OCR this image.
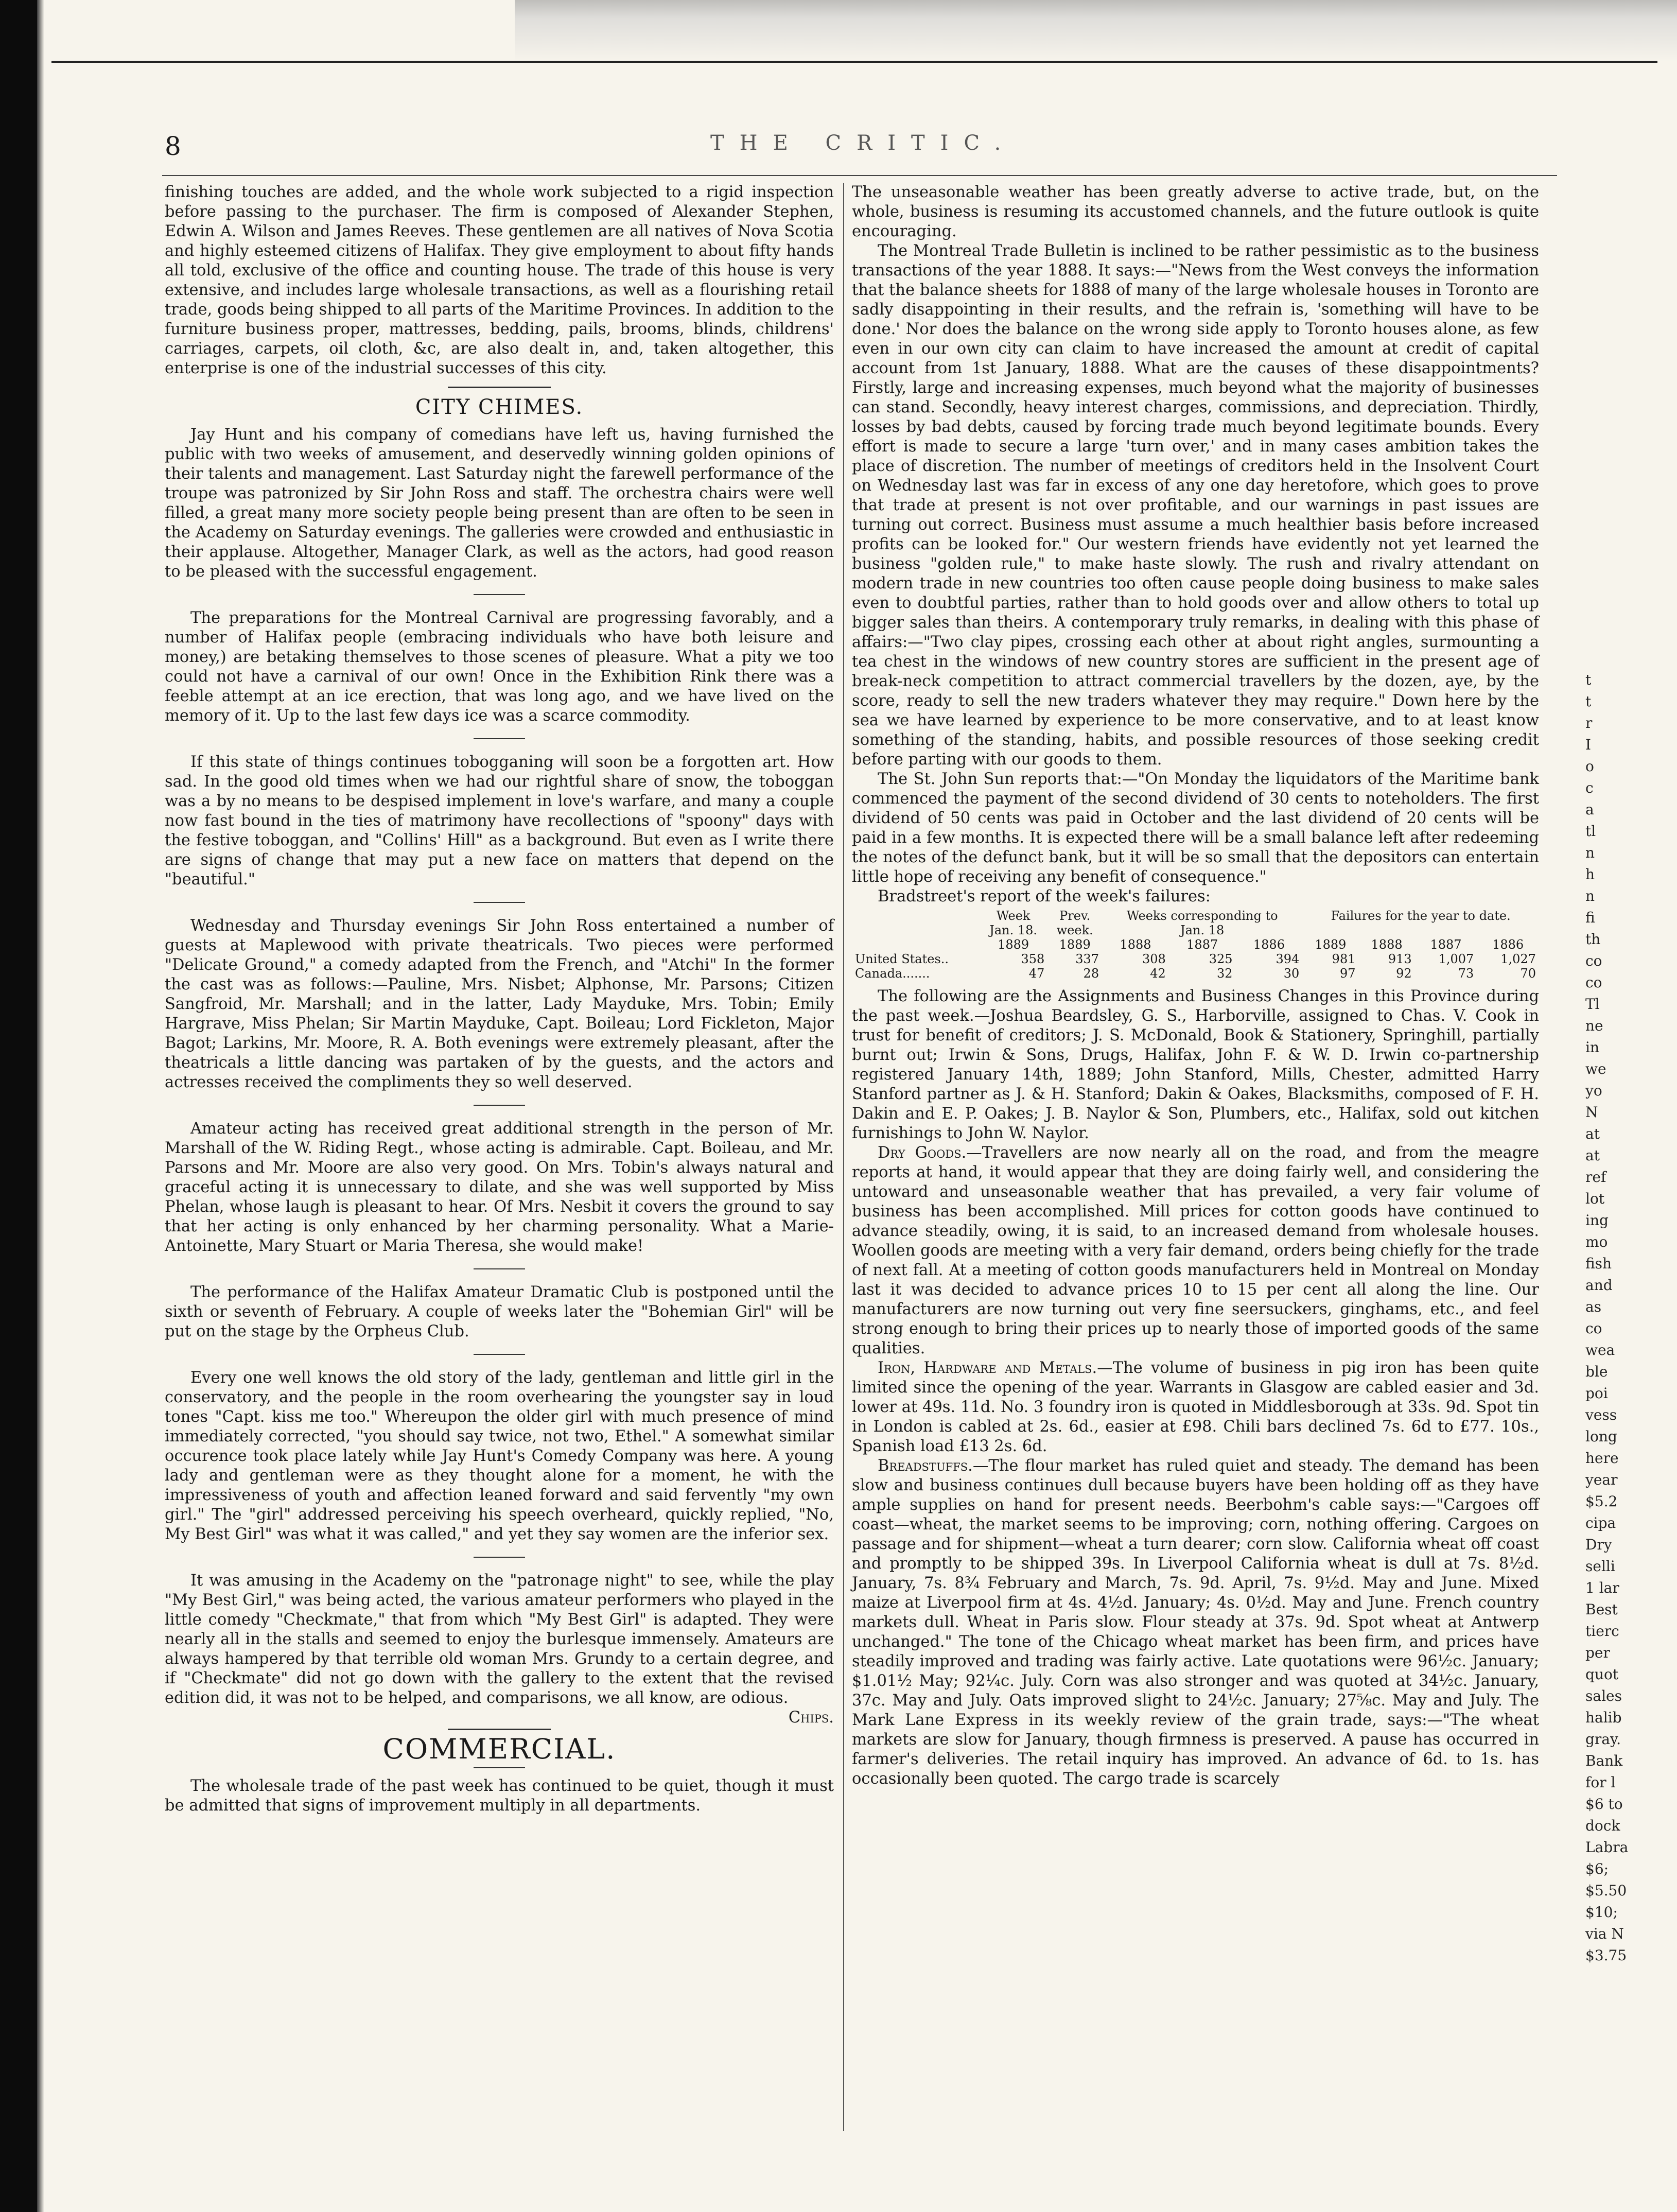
8	THE CRITIC.

finishing touches are added, and the whole work subjected to a rigid inspection before passing to the purchaser. The firm is composed of Alexander Stephen, Edwin A. Wilson and James Reeves. These gentlemen are all natives of Nova Scotia and highly esteemed citizens of Halifax. They give employment to about fifty hands all told, exclusive of the office and counting house. The trade of this house is very extensive, and includes large wholesale transactions, as well as a flourishing retail trade, goods being shipped to all parts of the Maritime Provinces. In addition to the furniture business proper, mattresses, bedding, pails, brooms, blinds, childrens' carriages, carpets, oil cloth, &c, are also dealt in, and, taken altogether, this enterprise is one of the industrial successes of this city.

CITY CHIMES.

Jay Hunt and his company of comedians have left us, having furnished the public with two weeks of amusement, and deservedly winning golden opinions of their talents and management. Last Saturday night the farewell performance of the troupe was patronized by Sir John Ross and staff. The orchestra chairs were well filled, a great many more society people being present than are often to be seen in the Academy on Saturday evenings. The galleries were crowded and enthusiastic in their applause. Altogether, Manager Clark, as well as the actors, had good reason to be pleased with the successful engagement.

The preparations for the Montreal Carnival are progressing favorably, and a number of Halifax people (embracing individuals who have both leisure and money,) are betaking themselves to those scenes of pleasure. What a pity we too could not have a carnival of our own! Once in the Exhibition Rink there was a feeble attempt at an ice erection, that was long ago, and we have lived on the memory of it. Up to the last few days ice was a scarce commodity.

If this state of things continues tobogganing will soon be a forgotten art. How sad. In the good old times when we had our rightful share of snow, the toboggan was a by no means to be despised implement in love's warfare, and many a couple now fast bound in the ties of matrimony have recollections of "spoony" days with the festive toboggan, and "Collins' Hill" as a background. But even as I write there are signs of change that may put a new face on matters that depend on the "beautiful."

Wednesday and Thursday evenings Sir John Ross entertained a number of guests at Maplewood with private theatricals. Two pieces were performed "Delicate Ground," a comedy adapted from the French, and "Atchi" In the former the cast was as follows:—Pauline, Mrs. Nisbet; Alphonse, Mr. Parsons; Citizen Sangfroid, Mr. Marshall; and in the latter, Lady Mayduke, Mrs. Tobin; Emily Hargrave, Miss Phelan; Sir Martin Mayduke, Capt. Boileau; Lord Fickleton, Major Bagot; Larkins, Mr. Moore, R. A. Both evenings were extremely pleasant, after the theatricals a little dancing was partaken of by the guests, and the actors and actresses received the compliments they so well deserved.

Amateur acting has received great additional strength in the person of Mr. Marshall of the W. Riding Regt., whose acting is admirable. Capt. Boileau, and Mr. Parsons and Mr. Moore are also very good. On Mrs. Tobin's always natural and graceful acting it is unnecessary to dilate, and she was well supported by Miss Phelan, whose laugh is pleasant to hear. Of Mrs. Nesbit it covers the ground to say that her acting is only enhanced by her charming personality. What a Marie-Antoinette, Mary Stuart or Maria Theresa, she would make!

The performance of the Halifax Amateur Dramatic Club is postponed until the sixth or seventh of February. A couple of weeks later the "Bohemian Girl" will be put on the stage by the Orpheus Club.

Every one well knows the old story of the lady, gentleman and little girl in the conservatory, and the people in the room overhearing the youngster say in loud tones "Capt. kiss me too." Whereupon the older girl with much presence of mind immediately corrected, "you should say twice, not two, Ethel." A somewhat similar occurence took place lately while Jay Hunt's Comedy Company was here. A young lady and gentleman were as they thought alone for a moment, he with the impressiveness of youth and affection leaned forward and said fervently "my own girl." The "girl" addressed perceiving his speech overheard, quickly replied, "No, My Best Girl" was what it was called," and yet they say women are the inferior sex.

It was amusing in the Academy on the "patronage night" to see, while the play "My Best Girl," was being acted, the various amateur performers who played in the little comedy "Checkmate," that from which "My Best Girl" is adapted. They were nearly all in the stalls and seemed to enjoy the burlesque immensely. Amateurs are always hampered by that terrible old woman Mrs. Grundy to a certain degree, and if "Checkmate" did not go down with the gallery to the extent that the revised edition did, it was not to be helped, and comparisons, we all know, are odious.
Chips.

COMMERCIAL.

The wholesale trade of the past week has continued to be quiet, though it must be admitted that signs of improvement multiply in all departments.

The unseasonable weather has been greatly adverse to active trade, but, on the whole, business is resuming its accustomed channels, and the future outlook is quite encouraging.

The Montreal Trade Bulletin is inclined to be rather pessimistic as to the business transactions of the year 1888. It says:—"News from the West conveys the information that the balance sheets for 1888 of many of the large wholesale houses in Toronto are sadly disappointing in their results, and the refrain is, 'something will have to be done.' Nor does the balance on the wrong side apply to Toronto houses alone, as few even in our own city can claim to have increased the amount at credit of capital account from 1st January, 1888. What are the causes of these disappointments? Firstly, large and increasing expenses, much beyond what the majority of businesses can stand. Secondly, heavy interest charges, commissions, and depreciation. Thirdly, losses by bad debts, caused by forcing trade much beyond legitimate bounds. Every effort is made to secure a large 'turn over,' and in many cases ambition takes the place of discretion. The number of meetings of creditors held in the Insolvent Court on Wednesday last was far in excess of any one day heretofore, which goes to prove that trade at present is not over profitable, and our warnings in past issues are turning out correct. Business must assume a much healthier basis before increased profits can be looked for." Our western friends have evidently not yet learned the business "golden rule," to make haste slowly. The rush and rivalry attendant on modern trade in new countries too often cause people doing business to make sales even to doubtful parties, rather than to hold goods over and allow others to total up bigger sales than theirs. A contemporary truly remarks, in dealing with this phase of affairs:—"Two clay pipes, crossing each other at about right angles, surmounting a tea chest in the windows of new country stores are sufficient in the present age of break-neck competition to attract commercial travellers by the dozen, aye, by the score, ready to sell the new traders whatever they may require." Down here by the sea we have learned by experience to be more conservative, and to at least know something of the standing, habits, and possible resources of those seeking credit before parting with our goods to them.

The St. John Sun reports that:—"On Monday the liquidators of the Maritime bank commenced the payment of the second dividend of 30 cents to noteholders. The first dividend of 50 cents was paid in October and the last dividend of 20 cents will be paid in a few months. It is expected there will be a small balance left after redeeming the notes of the defunct bank, but it will be so small that the depositors can entertain little hope of receiving any benefit of consequence."

Bradstreet's report of the week's failures:

	Week	Prev.	Weeks corresponding to			Failures for the year to date.			
	Jan. 18.	week.	Jan. 18						
	1889	1889	1888	1887	1886	1889	1888	1887	1886
United States..	358	337	308	325	394	981	913	1,007	1,027
Canada.......	47	28	42	32	30	97	92	73	70

The following are the Assignments and Business Changes in this Province during the past week.—Joshua Beardsley, G. S., Harborville, assigned to Chas. V. Cook in trust for benefit of creditors; J. S. McDonald, Book & Stationery, Springhill, partially burnt out; Irwin & Sons, Drugs, Halifax, John F. & W. D. Irwin co-partnership registered January 14th, 1889; John Stanford, Mills, Chester, admitted Harry Stanford partner as J. & H. Stanford; Dakin & Oakes, Blacksmiths, composed of F. H. Dakin and E. P. Oakes; J. B. Naylor & Son, Plumbers, etc., Halifax, sold out kitchen furnishings to John W. Naylor.

Dry Goods.—Travellers are now nearly all on the road, and from the meagre reports at hand, it would appear that they are doing fairly well, and considering the untoward and unseasonable weather that has prevailed, a very fair volume of business has been accomplished. Mill prices for cotton goods have continued to advance steadily, owing, it is said, to an increased demand from wholesale houses. Woollen goods are meeting with a very fair demand, orders being chiefly for the trade of next fall. At a meeting of cotton goods manufacturers held in Montreal on Monday last it was decided to advance prices 10 to 15 per cent all along the line. Our manufacturers are now turning out very fine seersuckers, ginghams, etc., and feel strong enough to bring their prices up to nearly those of imported goods of the same qualities.

Iron, Hardware and Metals.—The volume of business in pig iron has been quite limited since the opening of the year. Warrants in Glasgow are cabled easier and 3d. lower at 49s. 11d. No. 3 foundry iron is quoted in Middlesborough at 33s. 9d. Spot tin in London is cabled at 2s. 6d., easier at £98. Chili bars declined 7s. 6d to £77. 10s., Spanish load £13 2s. 6d.

Breadstuffs.—The flour market has ruled quiet and steady. The demand has been slow and business continues dull because buyers have been holding off as they have ample supplies on hand for present needs. Beerbohm's cable says:—"Cargoes off coast—wheat, the market seems to be improving; corn, nothing offering. Cargoes on passage and for shipment—wheat a turn dearer; corn slow. California wheat off coast and promptly to be shipped 39s. In Liverpool California wheat is dull at 7s. 8½d. January, 7s. 8¾ February and March, 7s. 9d. April, 7s. 9½d. May and June. Mixed maize at Liverpool firm at 4s. 4½d. January; 4s. 0½d. May and June. French country markets dull. Wheat in Paris slow. Flour steady at 37s. 9d. Spot wheat at Antwerp unchanged." The tone of the Chicago wheat market has been firm, and prices have steadily improved and trading was fairly active. Late quotations were 96½c. January; $1.01½ May; 92¼c. July. Corn was also stronger and was quoted at 34½c. January, 37c. May and July. Oats improved slight to 24½c. January; 27⅝c. May and July. The Mark Lane Express in its weekly review of the grain trade, says:—"The wheat markets are slow for January, though firmness is preserved. A pause has occurred in farmer's deliveries. The retail inquiry has improved. An advance of 6d. to 1s. has occasionally been quoted. The cargo trade is scarcely

t
t
r
I
o
c
a
tl
n
h
n
fi
th
co
co
Tl
ne
in
we
yo
N
at
at
ref
lot
ing
mo
fish
and
as
co
wea
ble
poi
vess
long
here
year
$5.2
cipa
Dry
selli
1 lar
Best
tierc
per
quot
sales
halib
gray.
Bank
for l
$6 to
dock
Labra
$6;
$5.50
$10;
via N
$3.75
